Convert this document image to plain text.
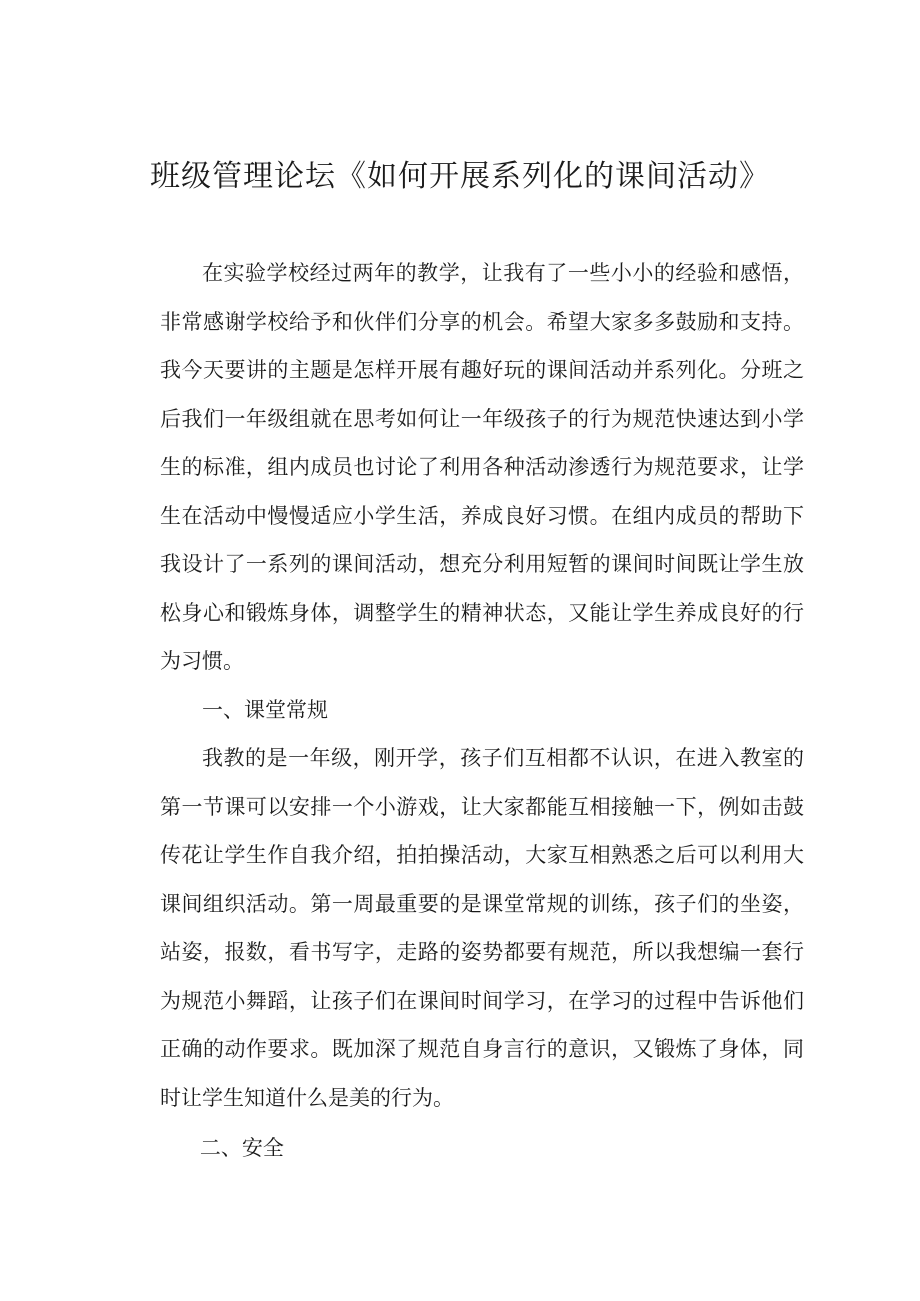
班级管理论坛《如何开展系列化的课间活动》

在实验学校经过两年的教学，让我有了一些小小的经验和感悟，非常感谢学校给予和伙伴们分享的机会。希望大家多多鼓励和支持。我今天要讲的主题是怎样开展有趣好玩的课间活动并系列化。分班之后我们一年级组就在思考如何让一年级孩子的行为规范快速达到小学生的标准，组内成员也讨论了利用各种活动渗透行为规范要求，让学生在活动中慢慢适应小学生活，养成良好习惯。在组内成员的帮助下我设计了一系列的课间活动，想充分利用短暂的课间时间既让学生放松身心和锻炼身体，调整学生的精神状态，又能让学生养成良好的行为习惯。

一、课堂常规

我教的是一年级，刚开学，孩子们互相都不认识，在进入教室的第一节课可以安排一个小游戏，让大家都能互相接触一下，例如击鼓传花让学生作自我介绍，拍拍操活动，大家互相熟悉之后可以利用大课间组织活动。第一周最重要的是课堂常规的训练，孩子们的坐姿，站姿，报数，看书写字，走路的姿势都要有规范，所以我想编一套行为规范小舞蹈，让孩子们在课间时间学习，在学习的过程中告诉他们正确的动作要求。既加深了规范自身言行的意识，又锻炼了身体，同时让学生知道什么是美的行为。

二、安全
